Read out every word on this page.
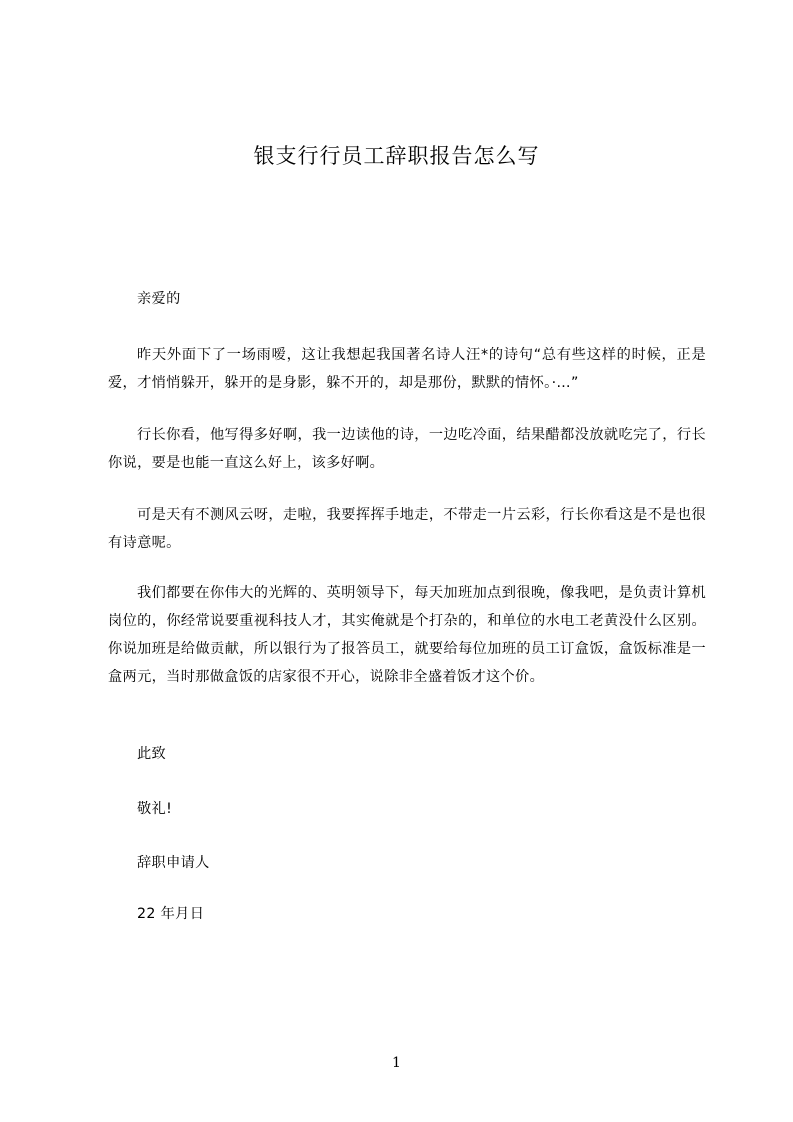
银支行行员工辞职报告怎么写
亲爱的

昨天外面下了一场雨嗳，这让我想起我国著名诗人汪*的诗句“总有些这样的时候，正是爱，才悄悄躲开，躲开的是身影，躲不开的，却是那份，默默的情怀。·…”

行长你看，他写得多好啊，我一边读他的诗，一边吃冷面，结果醋都没放就吃完了，行长你说，要是也能一直这么好上，该多好啊。

可是天有不测风云呀，走啦，我要挥挥手地走，不带走一片云彩，行长你看这是不是也很有诗意呢。

我们都要在你伟大的光辉的、英明领导下，每天加班加点到很晚，像我吧，是负责计算机岗位的，你经常说要重视科技人才，其实俺就是个打杂的，和单位的水电工老黄没什么区别。你说加班是给做贡献，所以银行为了报答员工，就要给每位加班的员工订盒饭，盒饭标准是一盒两元，当时那做盒饭的店家很不开心，说除非全盛着饭才这个价。

此致
敬礼!
辞职申请人
22 年月日
1
